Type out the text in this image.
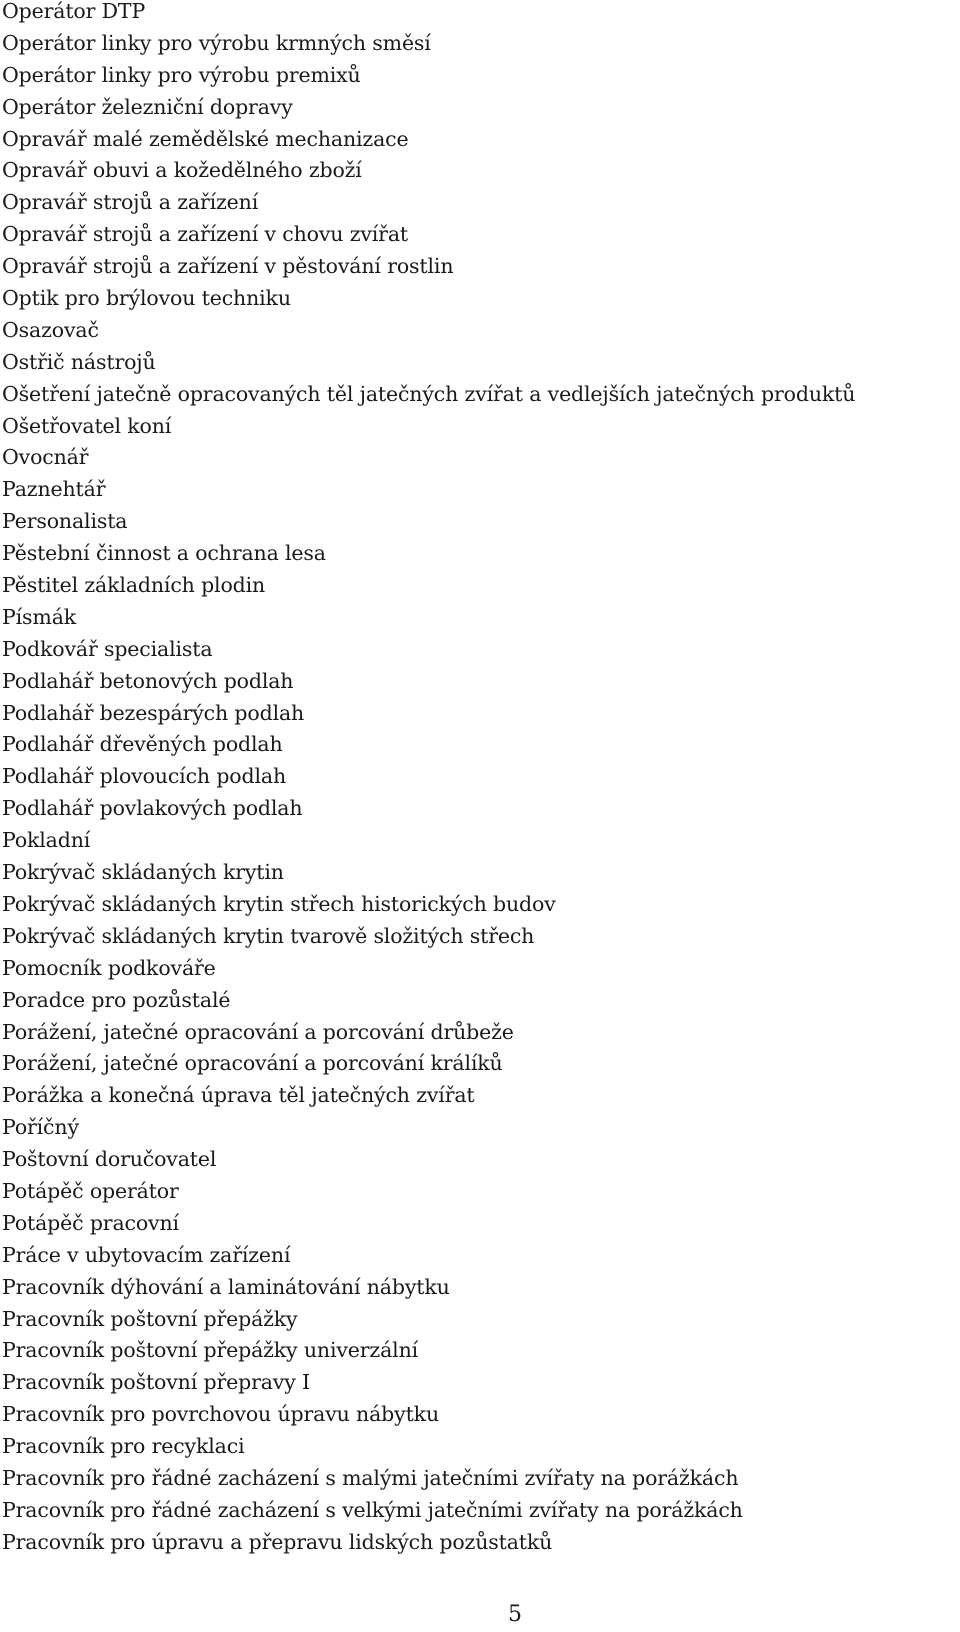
Operátor DTP
Operátor linky pro výrobu krmných směsí
Operátor linky pro výrobu premixů
Operátor železniční dopravy
Opravář malé zemědělské mechanizace
Opravář obuvi a kožedělného zboží
Opravář strojů a zařízení
Opravář strojů a zařízení v chovu zvířat
Opravář strojů a zařízení v pěstování rostlin
Optik pro brýlovou techniku
Osazovač
Ostřič nástrojů
Ošetření jatečně opracovaných těl jatečných zvířat a vedlejších jatečných produktů
Ošetřovatel koní
Ovocnář
Paznehtář
Personalista
Pěstební činnost a ochrana lesa
Pěstitel základních plodin
Písmák
Podkovář specialista
Podlahář betonových podlah
Podlahář bezespárých podlah
Podlahář dřevěných podlah
Podlahář plovoucích podlah
Podlahář povlakových podlah
Pokladní
Pokrývač skládaných krytin
Pokrývač skládaných krytin střech historických budov
Pokrývač skládaných krytin tvarově složitých střech
Pomocník podkováře
Poradce pro pozůstalé
Porážení, jatečné opracování a porcování drůbeže
Porážení, jatečné opracování a porcování králíků
Porážka a konečná úprava těl jatečných zvířat
Poříčný
Poštovní doručovatel
Potápěč operátor
Potápěč pracovní
Práce v ubytovacím zařízení
Pracovník dýhování a laminátování nábytku
Pracovník poštovní přepážky
Pracovník poštovní přepážky univerzální
Pracovník poštovní přepravy I
Pracovník pro povrchovou úpravu nábytku
Pracovník pro recyklaci
Pracovník pro řádné zacházení s malými jatečními zvířaty na porážkách
Pracovník pro řádné zacházení s velkými jatečními zvířaty na porážkách
Pracovník pro úpravu a přepravu lidských pozůstatků
5
